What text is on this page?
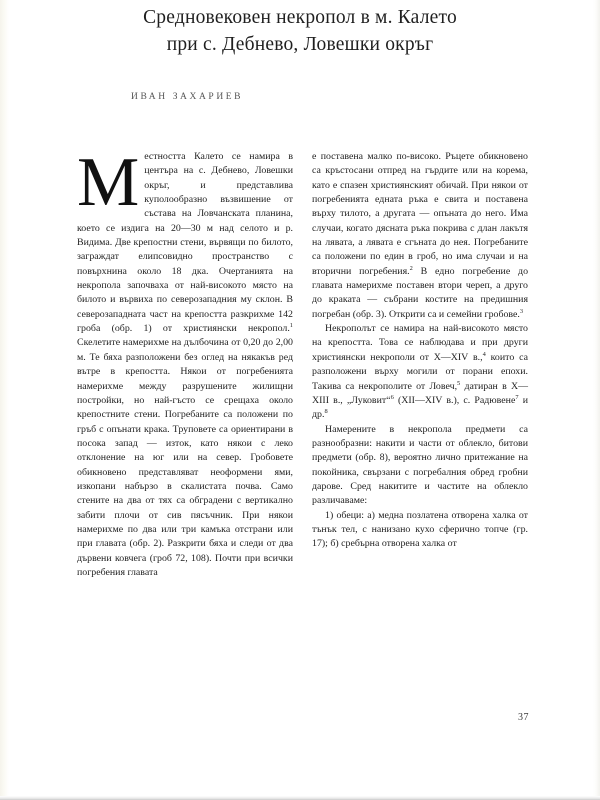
Средновековен некропол в м. Калето
при с. Дебнево, Ловешки окръг
ИВАН ЗАХАРИЕВ

Местността Калето се намира в центъра на с. Дебнево, Ловешки окръг, и представлива куполообразно възвишение от състава на Ловчанската планина, което се издига на 20—30 м над селото и р. Видима. Две крепостни стени, вървящи по билото, заграждат елипсовидно пространство с повърхнина около 18 дка. Очертанията на некропола започваха от най-високото място на билото и вървиха по северозападния му склон. В северозападната част на крепостта разкрихме 142 гроба (обр. 1) от християнски некропол.$^1$ Скелетите намерихме на дълбочина от 0,20 до 2,00 м. Те бяха разположени без оглед на някакъв ред вътре в крепостта. Някои от погребенията намерихме между разрушените жилищни постройки, но най-гъсто се срещаха около крепостните стени. Погребаните са положени по гръб с опънати крака. Труповете са ориентирани в посока запад — изток, като някои с леко отклонение на юг или на север. Гробовете обикновено представляват неоформени ями, изкопани набързо в скалистата почва. Само стените на два от тях са обградени с вертикално забити плочи от сив пясъчник. При някои намерихме по два или три камъка отстрани или при главата (обр. 2). Разкрити бяха и следи от два дървени ковчега (гроб 72, 108). Почти при всички погребения главата

е поставена малко по-високо. Ръцете обикновено са кръстосани отпред на гърдите или на корема, като е спазен християнският обичай. При някои от погребенията едната ръка е свита и поставена върху тилото, а другата — опъната до него. Има случаи, когато дясната ръка покрива с длан лакътя на лявата, а лявата е сгъната до нея. Погребаните са положени по един в гроб, но има случаи и на вторични погребения.$^2$ В едно погребение до главата намерихме поставен втори череп, а друго до краката — събрани костите на предишния погребан (обр. 3). Открити са и семейни гробове.$^3$

Некрополът се намира на най-високото място на крепостта. Това се наблюдава и при други християнски некрополи от X—XIV в.,$^4$ които са разположени върху могили от порани епохи. Такива са некрополите от Ловеч,$^5$ датиран в X—XIII в., „Луковит“$^6$ (XII—XIV в.), с. Радювене$^7$ и др.$^8$

Намерените в некропола предмети са разнообразни: накити и части от облекло, битови предмети (обр. 8), вероятно лично притежание на покойника, свързани с погребалния обред гробни дарове. Сред накитите и частите на облекло различаваме:

1) обеци: а) медна позлатена отворена халка от тънък тел, с нанизано кухо сферично топче (гр. 17); б) сребърна отворена халка от

37
